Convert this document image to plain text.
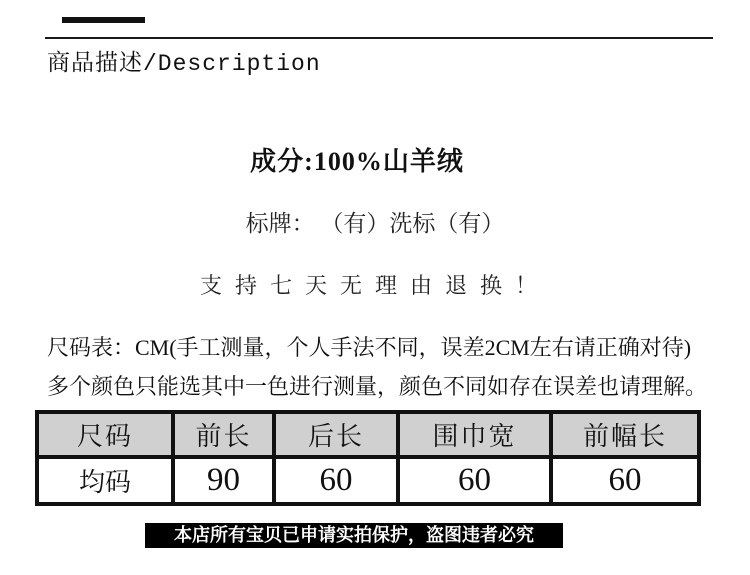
商品描述/Description
成分:100%山羊绒
标牌： （有）洗标（有）
支持七天无理由退换！
尺码表：CM(手工测量，个人手法不同，误差2CM左右请正确对待)
多个颜色只能选其中一色进行测量，颜色不同如存在误差也请理解。
尺码	前长	后长	围巾宽	前幅长
均码	90	60	60	60
本店所有宝贝已申请实拍保护，盗图违者必究
